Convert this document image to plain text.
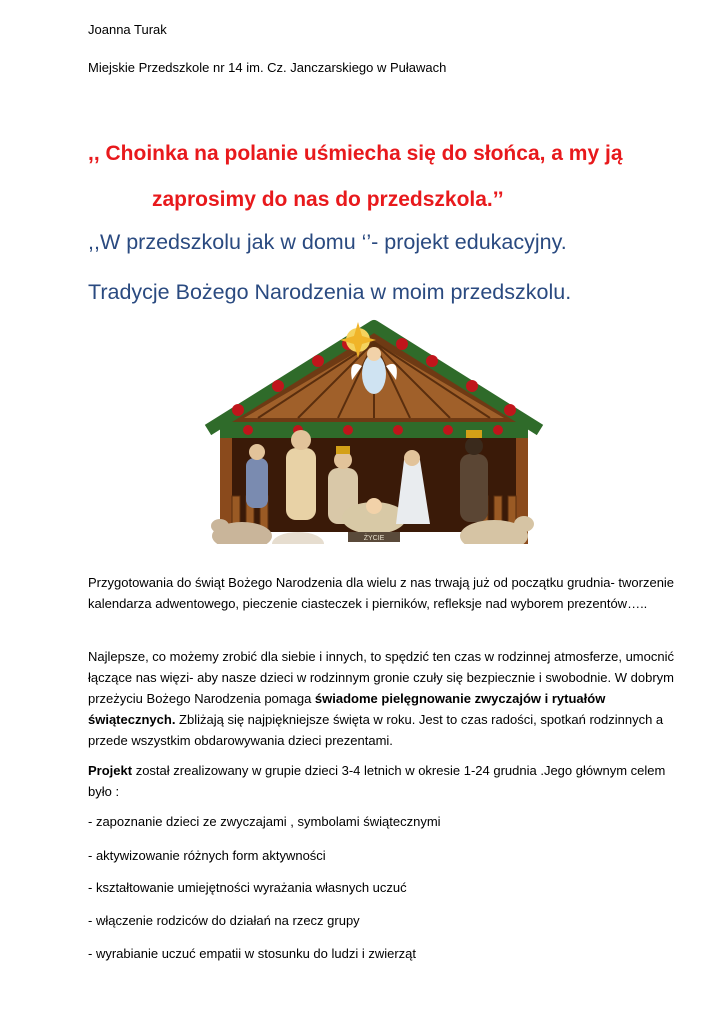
Joanna Turak
Miejskie Przedszkole nr 14 im. Cz. Janczarskiego w Puławach
,, Choinka na polanie uśmiecha się do słońca, a my ją
zaprosimy do nas do przedszkola.’’
,,W przedszkolu jak w domu ‘’- projekt edukacyjny.
Tradycje Bożego Narodzenia w moim przedszkolu.
ŻYCIE
Przygotowania do świąt Bożego Narodzenia dla wielu z nas trwają już od początku grudnia- tworzenie kalendarza adwentowego, pieczenie ciasteczek i pierników, refleksje nad wyborem prezentów…..
Najlepsze, co możemy zrobić dla siebie i innych, to spędzić ten czas w rodzinnej atmosferze, umocnić łączące nas więzi- aby nasze dzieci w rodzinnym gronie czuły się bezpiecznie i swobodnie. W dobrym przeżyciu Bożego Narodzenia pomaga świadome pielęgnowanie zwyczajów i rytuałów świątecznych. Zbliżają się najpiękniejsze święta w roku. Jest to czas radości, spotkań rodzinnych a przede wszystkim obdarowywania dzieci prezentami.
Projekt został zrealizowany w grupie dzieci 3-4 letnich w okresie 1-24 grudnia .Jego głównym celem było :
- zapoznanie dzieci ze zwyczajami , symbolami świątecznymi
- aktywizowanie różnych form aktywności
- kształtowanie umiejętności wyrażania własnych uczuć
- włączenie rodziców do działań na rzecz grupy
- wyrabianie uczuć empatii w stosunku do ludzi i zwierząt
